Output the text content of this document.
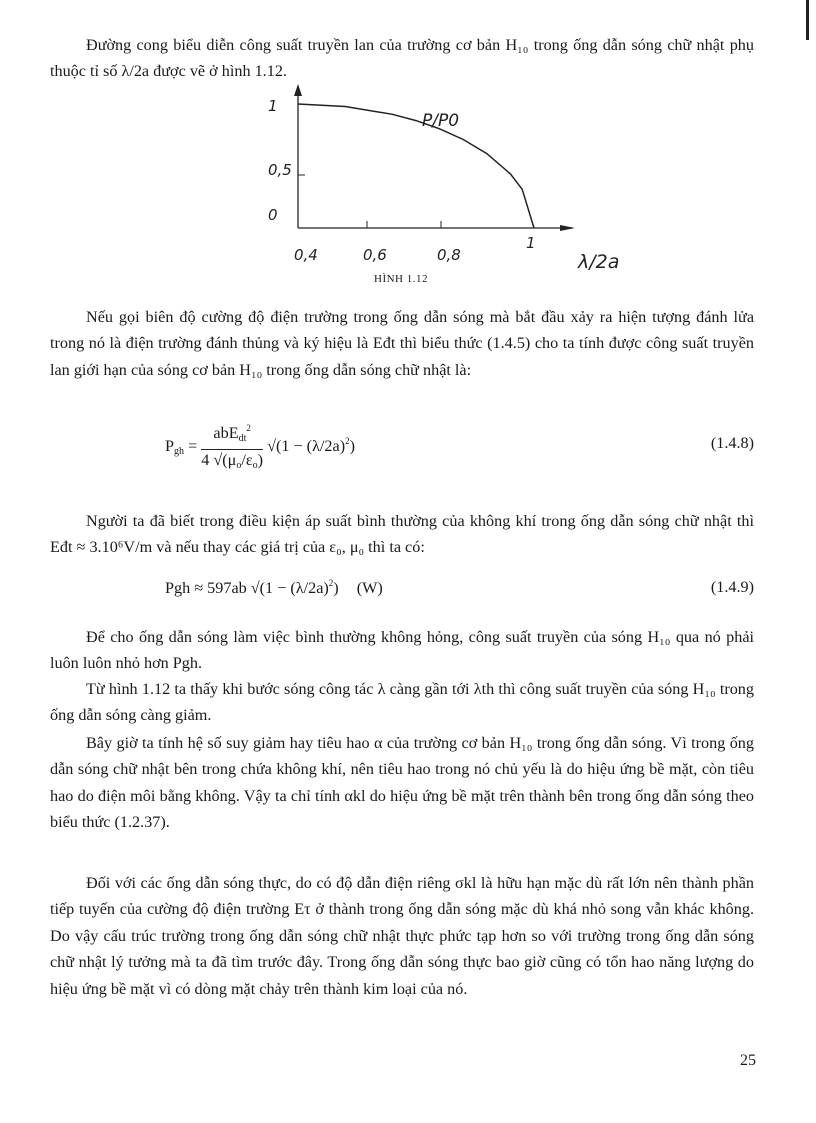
Đường cong biểu diễn công suất truyền lan của trường cơ bản H₁₀ trong ống dẫn sóng chữ nhật phụ thuộc tỉ số λ/2a được vẽ ở hình 1.12.

0,4	0,6	0,8
1
0
0,5
1
P/P0
λ/2a
HÌNH 1.12

Nếu gọi biên độ cường độ điện trường trong ống dẫn sóng mà bắt đầu xảy ra hiện tượng đánh lửa trong nó là điện trường đánh thủng và ký hiệu là Eđt thì biểu thức (1.4.5) cho ta tính được công suất truyền lan giới hạn của sóng cơ bản H₁₀ trong ống dẫn sóng chữ nhật là:

$P_{gh} = \frac{abE_{dt}^2}{4 √(\mu_o/\varepsilon_o)} √(1 - (\lambda/2a)^2)$	(1.4.8)

Người ta đã biết trong điều kiện áp suất bình thường của không khí trong ống dẫn sóng chữ nhật thì Eđt ≈ 3.10⁶V/m và nếu thay các giá trị của ε₀, μ₀ thì ta có:

Pgh ≈ 597ab $√(1 - (\lambda/2a)^2)$ (W)	(1.4.9)

Để cho ống dẫn sóng làm việc bình thường không hỏng, công suất truyền của sóng H₁₀ qua nó phải luôn luôn nhỏ hơn Pgh.

Từ hình 1.12 ta thấy khi bước sóng công tác λ càng gần tới λth thì công suất truyền của sóng H₁₀ trong ống dẫn sóng càng giảm.

Bây giờ ta tính hệ số suy giảm hay tiêu hao α của trường cơ bản H₁₀ trong ống dẫn sóng. Vì trong ống dẫn sóng chữ nhật bên trong chứa không khí, nên tiêu hao trong nó chủ yếu là do hiệu ứng bề mặt, còn tiêu hao do điện môi bằng không. Vậy ta chỉ tính αkl do hiệu ứng bề mặt trên thành bên trong ống dẫn sóng theo biểu thức (1.2.37).

Đối với các ống dẫn sóng thực, do có độ dẫn điện riêng σkl là hữu hạn mặc dù rất lớn nên thành phần tiếp tuyến của cường độ điện trường Eτ ở thành trong ống dẫn sóng mặc dù khá nhỏ song vẫn khác không. Do vậy cấu trúc trường trong ống dẫn sóng chữ nhật thực phức tạp hơn so với trường trong ống dẫn sóng chữ nhật lý tưởng mà ta đã tìm trước đây. Trong ống dẫn sóng thực bao giờ cũng có tổn hao năng lượng do hiệu ứng bề mặt vì có dòng mặt chảy trên thành kim loại của nó.

25
